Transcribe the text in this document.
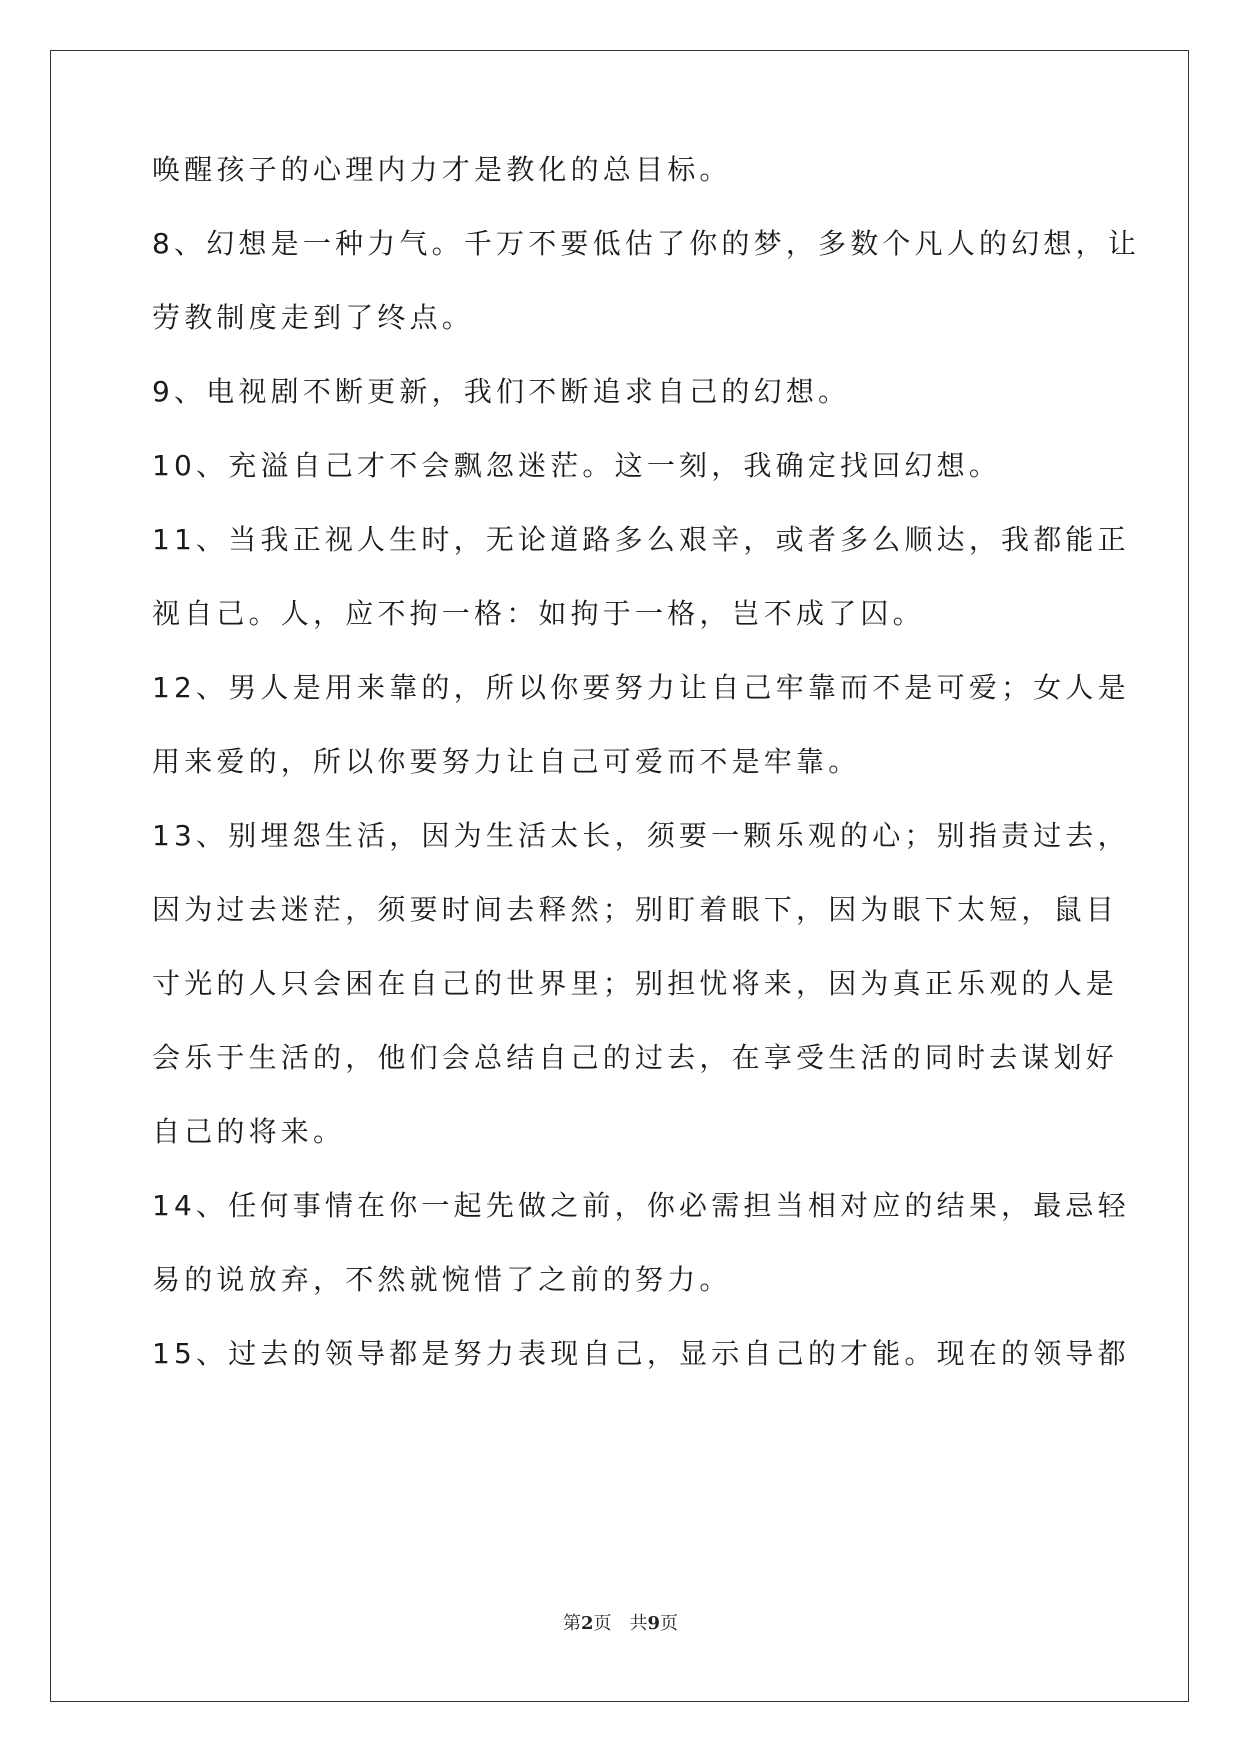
唤醒孩子的心理内力才是教化的总目标。
8、幻想是一种力气。千万不要低估了你的梦，多数个凡人的幻想，让
劳教制度走到了终点。
9、电视剧不断更新，我们不断追求自己的幻想。
10、充溢自己才不会飘忽迷茫。这一刻，我确定找回幻想。
11、当我正视人生时，无论道路多么艰辛，或者多么顺达，我都能正
视自己。人，应不拘一格：如拘于一格，岂不成了囚。
12、男人是用来靠的，所以你要努力让自己牢靠而不是可爱；女人是
用来爱的，所以你要努力让自己可爱而不是牢靠。
13、别埋怨生活，因为生活太长，须要一颗乐观的心；别指责过去，
因为过去迷茫，须要时间去释然；别盯着眼下，因为眼下太短，鼠目
寸光的人只会困在自己的世界里；别担忧将来，因为真正乐观的人是
会乐于生活的，他们会总结自己的过去，在享受生活的同时去谋划好
自己的将来。
14、任何事情在你一起先做之前，你必需担当相对应的结果，最忌轻
易的说放弃，不然就惋惜了之前的努力。
15、过去的领导都是努力表现自己，显示自己的才能。现在的领导都
第2页 共9页
